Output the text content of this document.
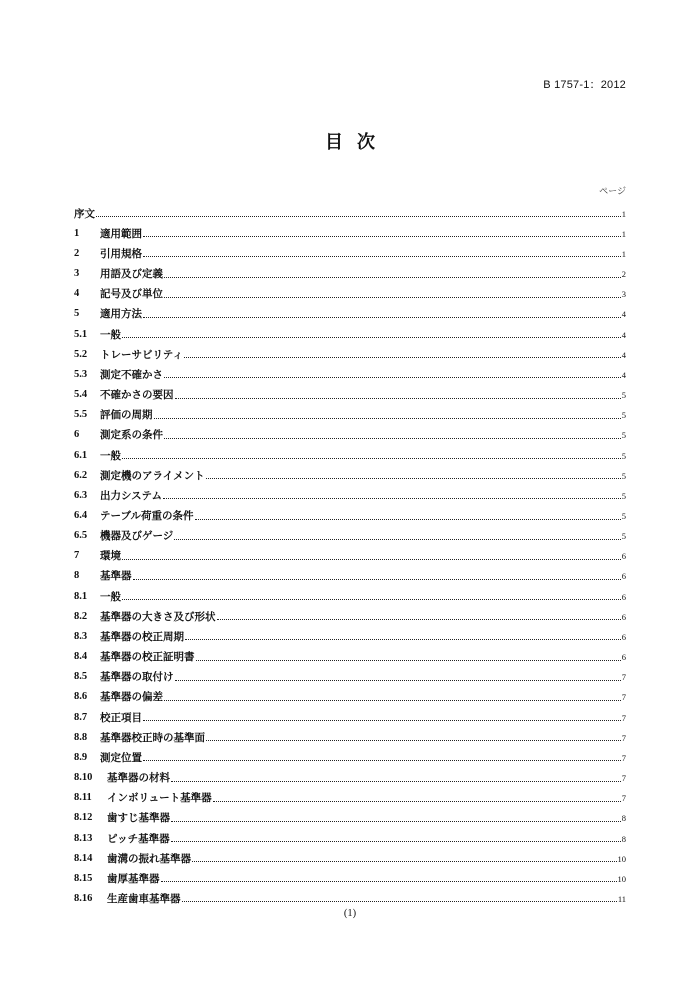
B 1757-1：2012
目次
ページ
序文	1
1	適用範囲	1
2	引用規格	1
3	用語及び定義	2
4	記号及び単位	3
5	適用方法	4
5.1	一般	4
5.2	トレーサビリティ	4
5.3	測定不確かさ	4
5.4	不確かさの要因	5
5.5	評価の周期	5
6	測定系の条件	5
6.1	一般	5
6.2	測定機のアライメント	5
6.3	出力システム	5
6.4	テーブル荷重の条件	5
6.5	機器及びゲージ	5
7	環境	6
8	基準器	6
8.1	一般	6
8.2	基準器の大きさ及び形状	6
8.3	基準器の校正周期	6
8.4	基準器の校正証明書	6
8.5	基準器の取付け	7
8.6	基準器の偏差	7
8.7	校正項目	7
8.8	基準器校正時の基準面	7
8.9	測定位置	7
8.10	基準器の材料	7
8.11	インボリュート基準器	7
8.12	歯すじ基準器	8
8.13	ピッチ基準器	8
8.14	歯溝の振れ基準器	10
8.15	歯厚基準器	10
8.16	生産歯車基準器	11
(1)
